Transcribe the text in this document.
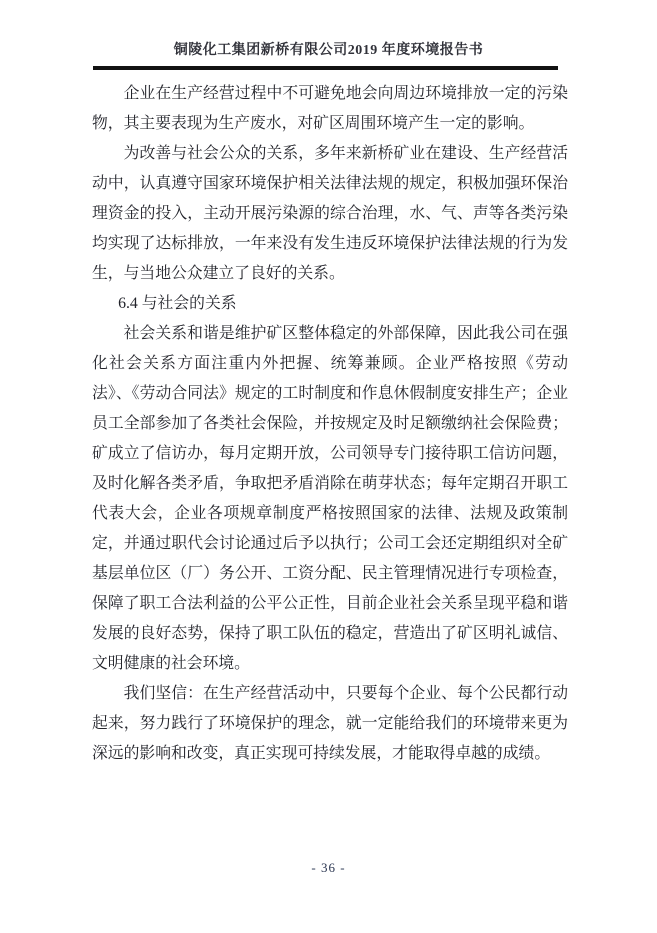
铜陵化工集团新桥有限公司2019 年度环境报告书

企业在生产经营过程中不可避免地会向周边环境排放一定的污染物，其主要表现为生产废水，对矿区周围环境产生一定的影响。

为改善与社会公众的关系，多年来新桥矿业在建设、生产经营活动中，认真遵守国家环境保护相关法律法规的规定，积极加强环保治理资金的投入，主动开展污染源的综合治理，水、气、声等各类污染均实现了达标排放，一年来没有发生违反环境保护法律法规的行为发生，与当地公众建立了良好的关系。

6.4 与社会的关系

社会关系和谐是维护矿区整体稳定的外部保障，因此我公司在强化社会关系方面注重内外把握、统筹兼顾。企业严格按照《劳动法》、《劳动合同法》规定的工时制度和作息休假制度安排生产；企业员工全部参加了各类社会保险，并按规定及时足额缴纳社会保险费；矿成立了信访办，每月定期开放，公司领导专门接待职工信访问题，及时化解各类矛盾，争取把矛盾消除在萌芽状态；每年定期召开职工代表大会，企业各项规章制度严格按照国家的法律、法规及政策制定，并通过职代会讨论通过后予以执行；公司工会还定期组织对全矿基层单位区（厂）务公开、工资分配、民主管理情况进行专项检查，保障了职工合法利益的公平公正性，目前企业社会关系呈现平稳和谐发展的良好态势，保持了职工队伍的稳定，营造出了矿区明礼诚信、文明健康的社会环境。

我们坚信：在生产经营活动中，只要每个企业、每个公民都行动起来，努力践行了环境保护的理念，就一定能给我们的环境带来更为深远的影响和改变，真正实现可持续发展，才能取得卓越的成绩。

- 36 -
